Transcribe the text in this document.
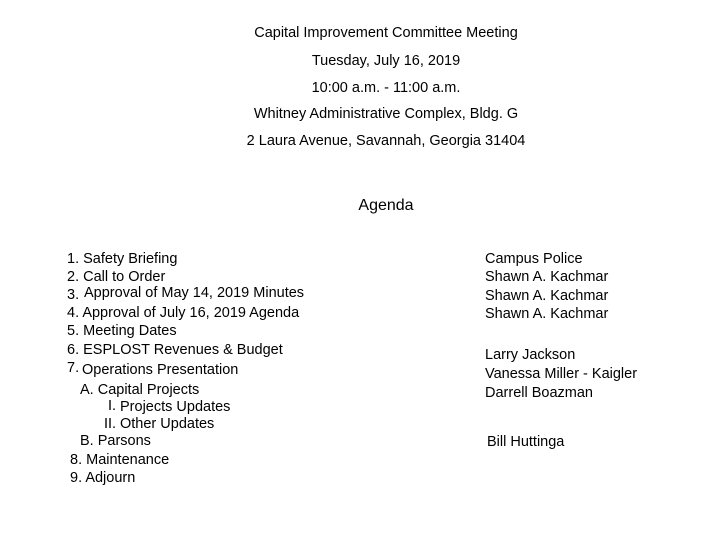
Capital Improvement Committee Meeting
Tuesday, July 16, 2019
10:00 a.m. - 11:00 a.m.
Whitney Administrative Complex, Bldg. G
2 Laura Avenue, Savannah, Georgia 31404
Agenda
1. Safety Briefing
2. Call to Order
3. Approval of May 14, 2019 Minutes
4. Approval of July 16, 2019 Agenda
5. Meeting Dates
6. ESPLOST Revenues & Budget
7. Operations Presentation
A. Capital Projects
I. Projects Updates
II. Other Updates
B. Parsons
8. Maintenance
9. Adjourn
Campus Police
Shawn A. Kachmar
Shawn A. Kachmar
Shawn A. Kachmar
Larry Jackson
Vanessa Miller - Kaigler
Darrell Boazman
Bill Huttinga
